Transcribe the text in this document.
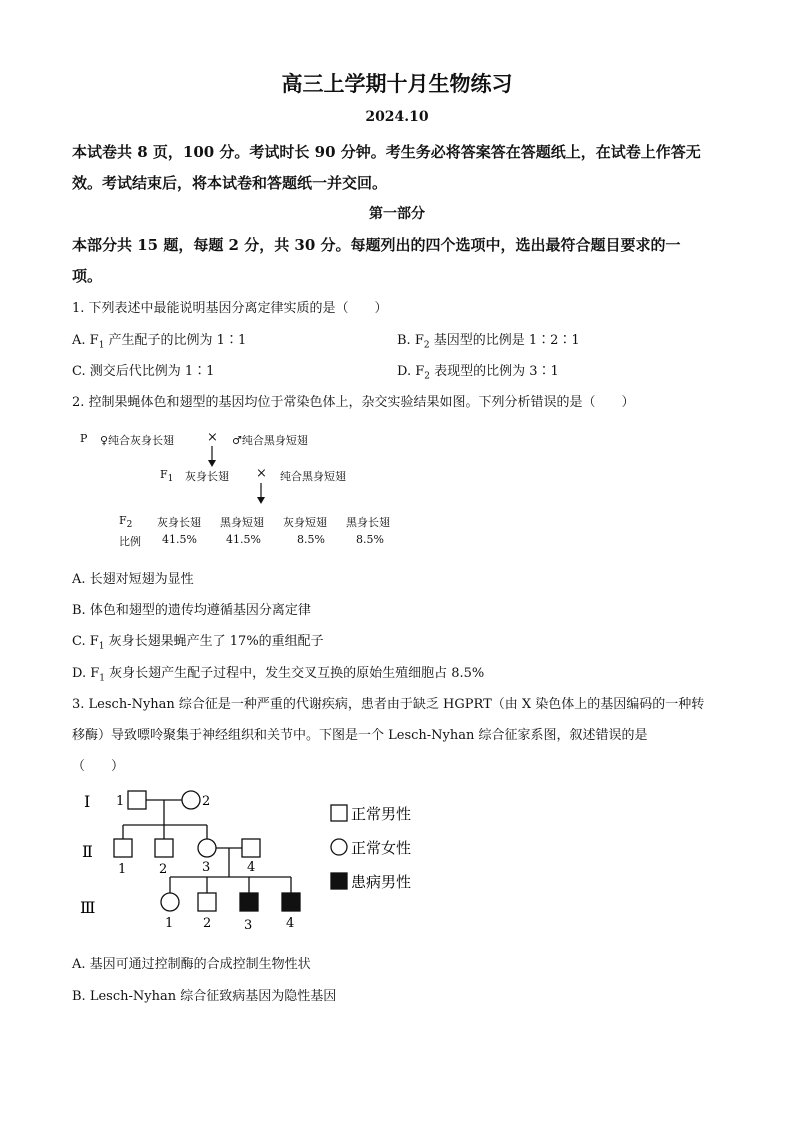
高三上学期十月生物练习
2024.10
本试卷共 8 页，100 分。考试时长 90 分钟。考生务必将答案答在答题纸上，在试卷上作答无
效。考试结束后，将本试卷和答题纸一并交回。
第一部分
本部分共 15 题，每题 2 分，共 30 分。每题列出的四个选项中，选出最符合题目要求的一
项。
1. 下列表述中最能说明基因分离定律实质的是（　　）
A. $F_1$ 产生配子的比例为 1∶1	B. $F_2$ 基因型的比例是 1∶2∶1
C. 测交后代比例为 1∶1	D. $F_2$ 表现型的比例为 3∶1
2. 控制果蝇体色和翅型的基因均位于常染色体上，杂交实验结果如图。下列分析错误的是（　　）
P ♀纯合灰身长翅	× ♂纯合黑身短翅
$F_1$ 灰身长翅 × 纯合黑身短翅
$F_2$
比例
灰身长翅 黑身短翅 灰身短翅 黑身长翅
41.5%	41.5%	8.5%	8.5%
A. 长翅对短翅为显性
B. 体色和翅型的遗传均遵循基因分离定律
C. $F_1$ 灰身长翅果蝇产生了 17%的重组配子
D. $F_1$ 灰身长翅产生配子过程中，发生交叉互换的原始生殖细胞占 8.5%
3. Lesch-Nyhan 综合征是一种严重的代谢疾病，患者由于缺乏 HGPRT（由 X 染色体上的基因编码的一种转
移酶）导致嘌呤聚集于神经组织和关节中。下图是一个 Lesch-Nyhan 综合征家系图，叙述错误的是
（　　）
Ⅰ
Ⅱ
Ⅲ
1	2
1	2	3	4
1 2	3	4
正常男性
正常女性
患病男性
A. 基因可通过控制酶的合成控制生物性状
B. Lesch-Nyhan 综合征致病基因为隐性基因
